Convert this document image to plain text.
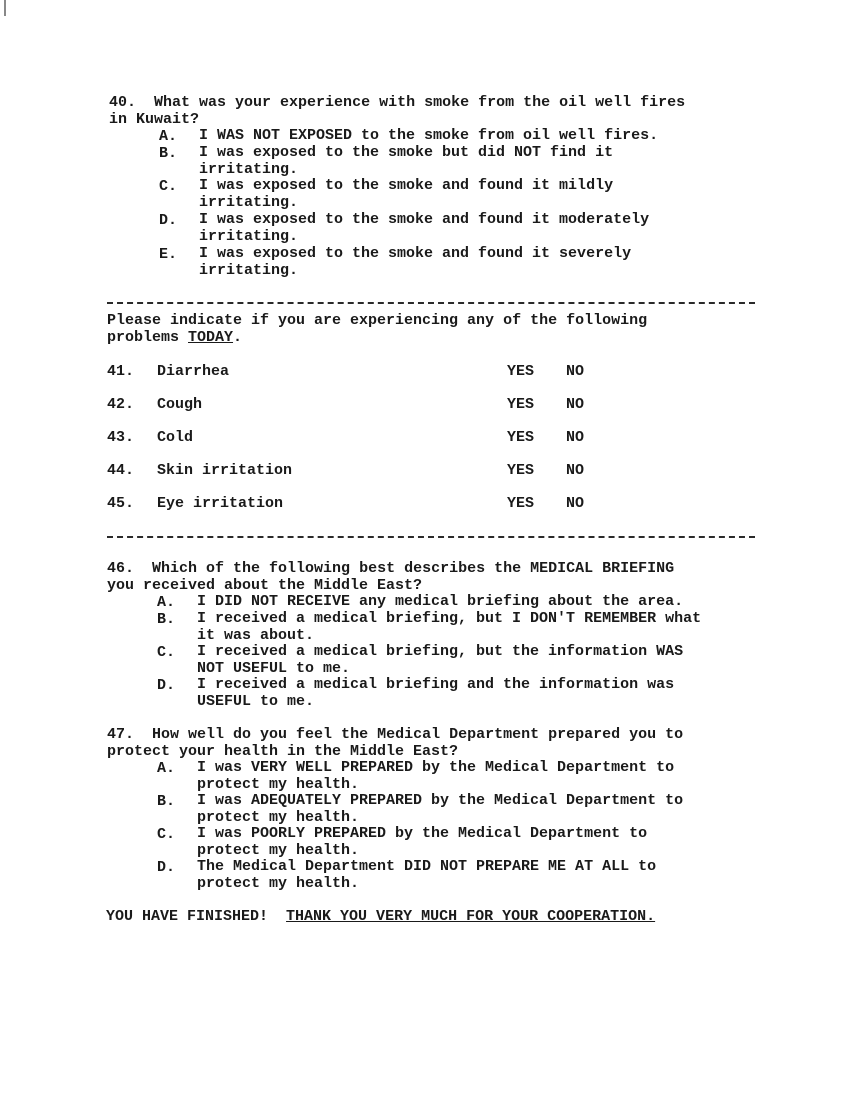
40. What was your experience with smoke from the oil well fires
in Kuwait?
A. I WAS NOT EXPOSED to the smoke from oil well fires.
B. I was exposed to the smoke but did NOT find it
irritating.
C. I was exposed to the smoke and found it mildly
irritating.
D. I was exposed to the smoke and found it moderately
irritating.
E. I was exposed to the smoke and found it severely
irritating.
Please indicate if you are experiencing any of the following
problems TODAY.
41. Diarrhea	YES NO
42. Cough	YES NO
43. Cold	YES NO
44. Skin irritation	YES NO
45. Eye irritation	YES NO
46. Which of the following best describes the MEDICAL BRIEFING
you received about the Middle East?
A. I DID NOT RECEIVE any medical briefing about the area.
B. I received a medical briefing, but I DON'T REMEMBER what
it was about.
C. I received a medical briefing, but the information WAS
NOT USEFUL to me.
D. I received a medical briefing and the information was
USEFUL to me.
47. How well do you feel the Medical Department prepared you to
protect your health in the Middle East?
A. I was VERY WELL PREPARED by the Medical Department to
protect my health.
B. I was ADEQUATELY PREPARED by the Medical Department to
protect my health.
C. I was POORLY PREPARED by the Medical Department to
protect my health.
D. The Medical Department DID NOT PREPARE ME AT ALL to
protect my health.
YOU HAVE FINISHED! THANK YOU VERY MUCH FOR YOUR COOPERATION.
